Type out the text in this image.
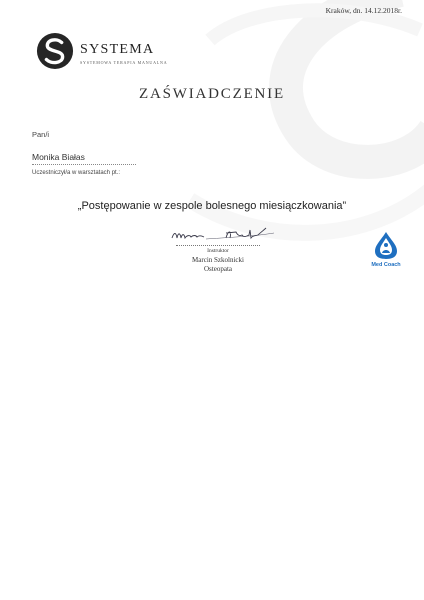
Kraków, dn. 14.12.2018r.
SYSTEMA
SYSTEMOWA TERAPIA MANUALNA
ZAŚWIADCZENIE
Pan/i
Monika Białas
Uczestniczył/a w warsztatach pt.:
„Postępowanie w zespole bolesnego miesiączkowania”
Instruktor
Marcin Szkolnicki
Osteopata	Med Coach
